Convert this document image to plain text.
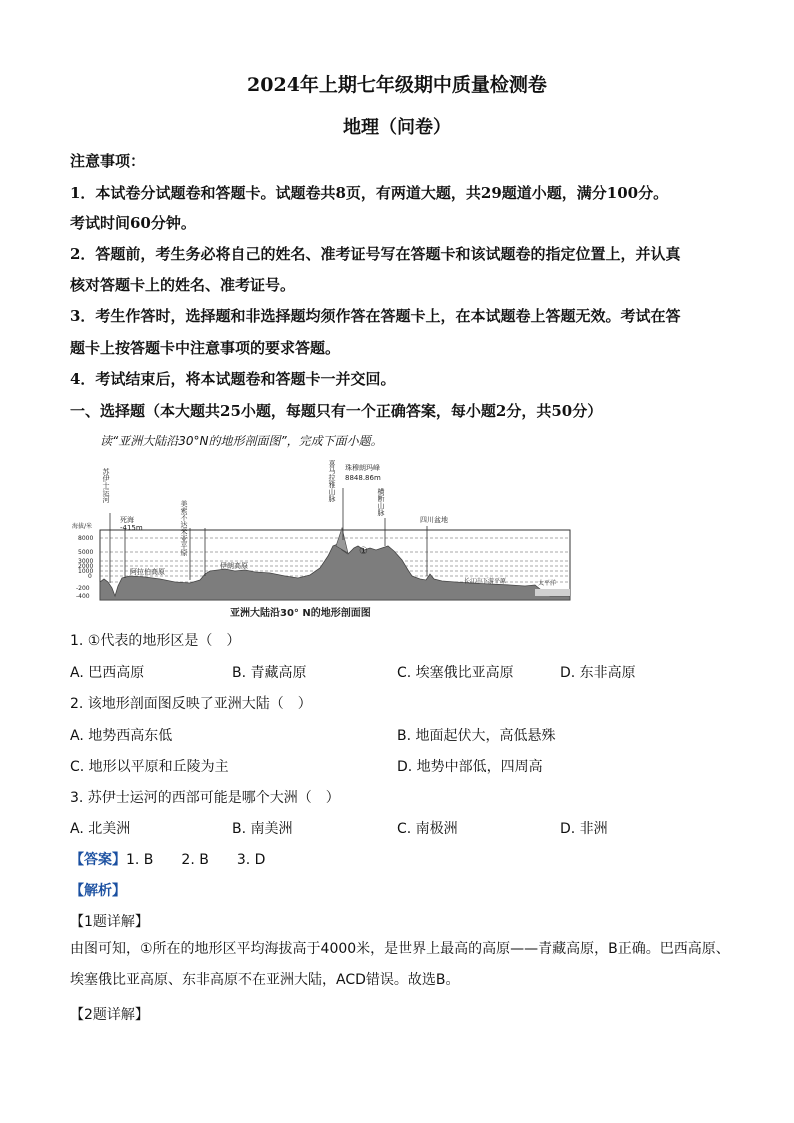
2024年上期七年级期中质量检测卷
地理（问卷）
注意事项：
1．本试卷分试题卷和答题卡。试题卷共8页，有两道大题，共29题道小题，满分100分。
考试时间60分钟。
2．答题前，考生务必将自己的姓名、准考证号写在答题卡和该试题卷的指定位置上，并认真
核对答题卡上的姓名、准考证号。
3．考生作答时，选择题和非选择题均须作答在答题卡上，在本试题卷上答题无效。考试在答
题卡上按答题卡中注意事项的要求答题。
4．考试结束后，将本试题卷和答题卡一并交回。
一、选择题（本大题共25小题，每题只有一个正确答案，每小题2分，共50分）
读“亚洲大陆沿30°N的地形剖面图”，完成下面小题。
海拔/米
8000
5000
3000
2000
1000
0
-200
-400
苏伊士运河
死海
-415m	美索不达米亚平原
阿拉伯高原
伊朗高原
喜马拉雅山脉 珠穆朗玛峰
8848.86m
横断山脉
①
四川盆地
长江中下游平原	太平洋
亚洲大陆沿30° N的地形剖面图
1. ①代表的地形区是（　）
A. 巴西高原	B. 青藏高原	C. 埃塞俄比亚高原	D. 东非高原
2. 该地形剖面图反映了亚洲大陆（　）
A. 地势西高东低	B. 地面起伏大，高低悬殊
C. 地形以平原和丘陵为主	D. 地势中部低，四周高
3. 苏伊士运河的西部可能是哪个大洲（　）
A. 北美洲	B. 南美洲	C. 南极洲	D. 非洲
【答案】1. B　　2. B　　3. D
【解析】
【1题详解】
由图可知，①所在的地形区平均海拔高于4000米，是世界上最高的高原——青藏高原，B正确。巴西高原、埃塞俄比亚高原、东非高原不在亚洲大陆，ACD错误。故选B。
【2题详解】
